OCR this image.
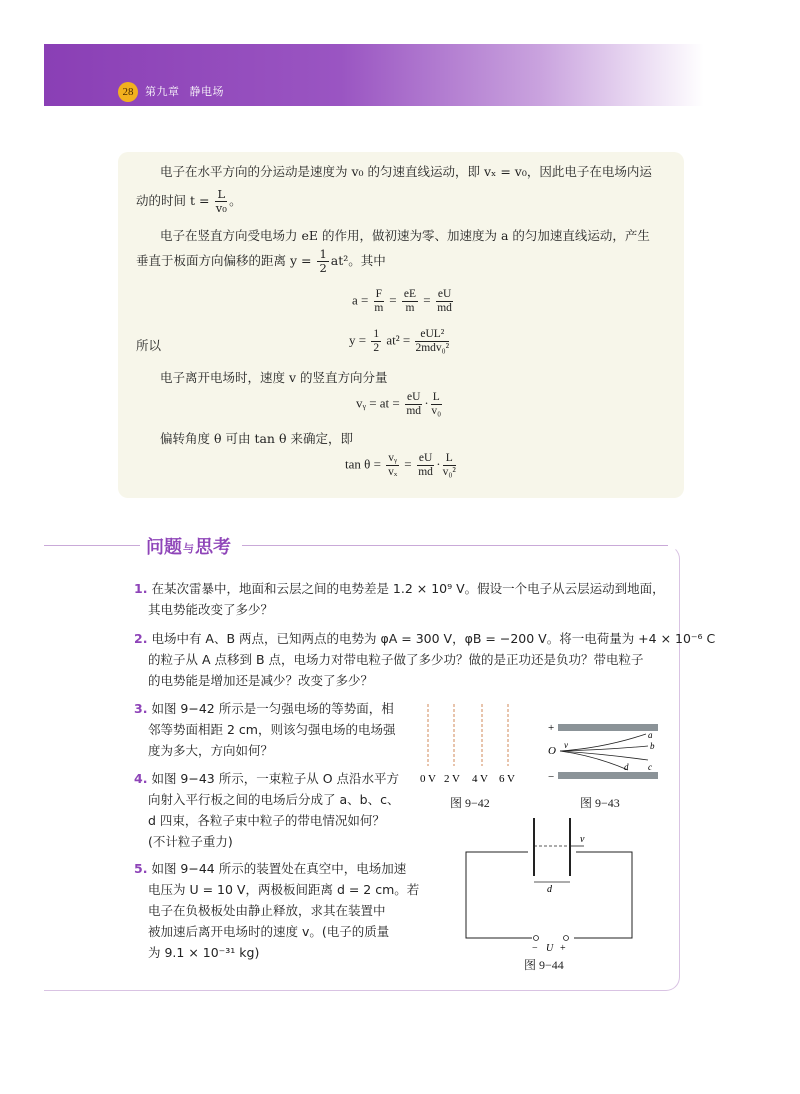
28	第九章 静电场
电子在水平方向的分运动是速度为 v₀ 的匀速直线运动，即 vₓ = v₀，因此电子在电场内运
动的时间 $t = \frac{L}{\text{v₀}}$ 。
电子在竖直方向受电场力 eE 的作用，做初速为零、加速度为 a 的匀加速直线运动，产生
垂直于板面方向偏移的距离 $y = \frac{1}{2} at^2$。其中
$a = \frac{F}{m} = \frac{eE}{m} = \frac{eU}{md}$
所以	$y = \frac{1}{2} at^2 = \frac{\text{eUL²}}{\text{2mdv₀²}}$
电子离开电场时，速度 v 的竖直方向分量
vᵧ = at = $\frac{eU}{md} \cdot \frac{L}{\text{v₀}}$
偏转角度 θ 可由 tan θ 来确定，即
$\tan \theta = \frac{\text{vᵧ}}{\text{vₓ}} = \frac{eU}{md} \cdot \frac{L}{\text{v₀²}}$
问题与思考
1. 在某次雷暴中，地面和云层之间的电势差是 1.2 × 10⁹ V。假设一个电子从云层运动到地面，
其电势能改变了多少？
2. 电场中有 A、B 两点，已知两点的电势为 φA = 300 V，φB = −200 V。将一电荷量为 +4 × 10⁻⁶ C
的粒子从 A 点移到 B 点，电场力对带电粒子做了多少功？做的是正功还是负功？带电粒子
的电势能是增加还是减少？改变了多少？
3. 如图 9−42 所示是一匀强电场的等势面，相
邻等势面相距 2 cm，则该匀强电场的电场强
度为多大，方向如何？
4. 如图 9−43 所示，一束粒子从 O 点沿水平方
向射入平行板之间的电场后分成了 a、b、c、
d 四束，各粒子束中粒子的带电情况如何？
(不计粒子重力)
5. 如图 9−44 所示的装置处在真空中，电场加速
电压为 U = 10 V，两极板间距离 d = 2 cm。若
电子在负极板处由静止释放，求其在装置中
被加速后离开电场时的速度 v。(电子的质量
为 9.1 × 10⁻³¹ kg)
0 V 2 V 4 V 6 V
图 9−42
+
−
O v
a
b
c
d
图 9−43
v
d
− U +
图 9−44
